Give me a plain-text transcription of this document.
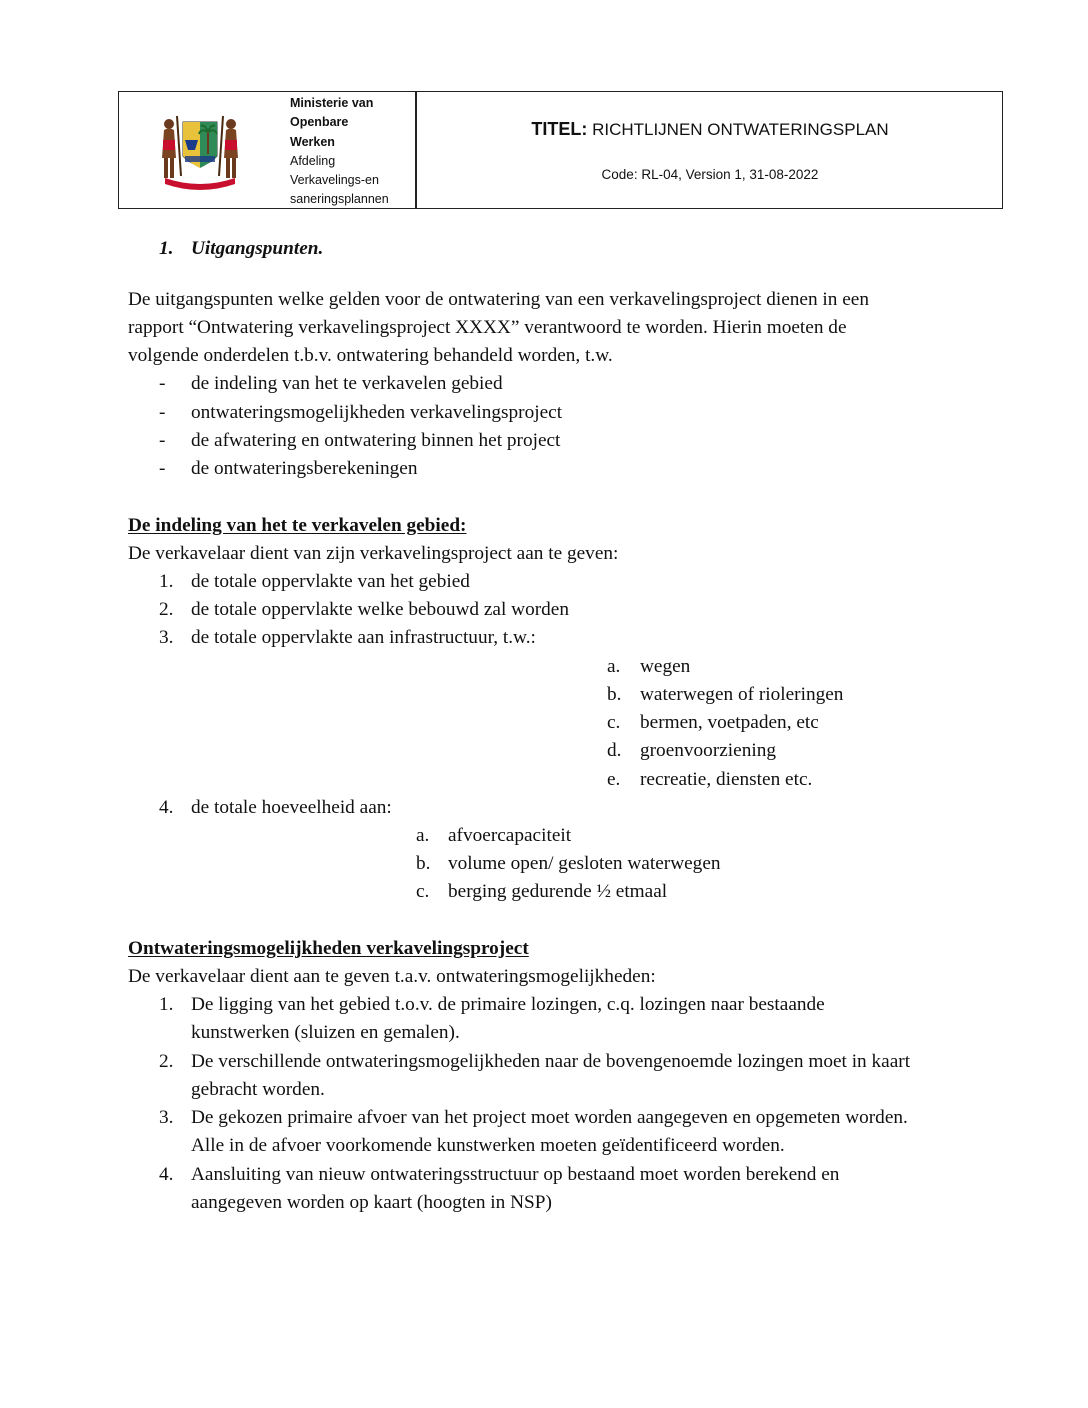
Ministerie van
Openbare
Werken
Afdeling
Verkavelings-en
saneringsplannen
TITEL: RICHTLIJNEN ONTWATERINGSPLAN
Code: RL-04, Version 1, 31-08-2022
1. Uitgangspunten.
De uitgangspunten welke gelden voor de ontwatering van een verkavelingsproject dienen in een
rapport “Ontwatering verkavelingsproject XXXX” verantwoord te worden. Hierin moeten de
volgende onderdelen t.b.v. ontwatering behandeld worden, t.w.
- de indeling van het te verkavelen gebied
- ontwateringsmogelijkheden verkavelingsproject
- de afwatering en ontwatering binnen het project
- de ontwateringsberekeningen
De indeling van het te verkavelen gebied:
De verkavelaar dient van zijn verkavelingsproject aan te geven:
1. de totale oppervlakte van het gebied
2. de totale oppervlakte welke bebouwd zal worden
3. de totale oppervlakte aan infrastructuur, t.w.:
a. wegen
b. waterwegen of rioleringen
c. bermen, voetpaden, etc
d. groenvoorziening
e. recreatie, diensten etc.
4. de totale hoeveelheid aan:
a. afvoercapaciteit
b. volume open/ gesloten waterwegen
c. berging gedurende ½ etmaal
Ontwateringsmogelijkheden verkavelingsproject
De verkavelaar dient aan te geven t.a.v. ontwateringsmogelijkheden:
1. De ligging van het gebied t.o.v. de primaire lozingen, c.q. lozingen naar bestaande
kunstwerken (sluizen en gemalen).
2. De verschillende ontwateringsmogelijkheden naar de bovengenoemde lozingen moet in kaart
gebracht worden.
3. De gekozen primaire afvoer van het project moet worden aangegeven en opgemeten worden.
Alle in de afvoer voorkomende kunstwerken moeten geïdentificeerd worden.
4. Aansluiting van nieuw ontwateringsstructuur op bestaand moet worden berekend en
aangegeven worden op kaart (hoogten in NSP)
